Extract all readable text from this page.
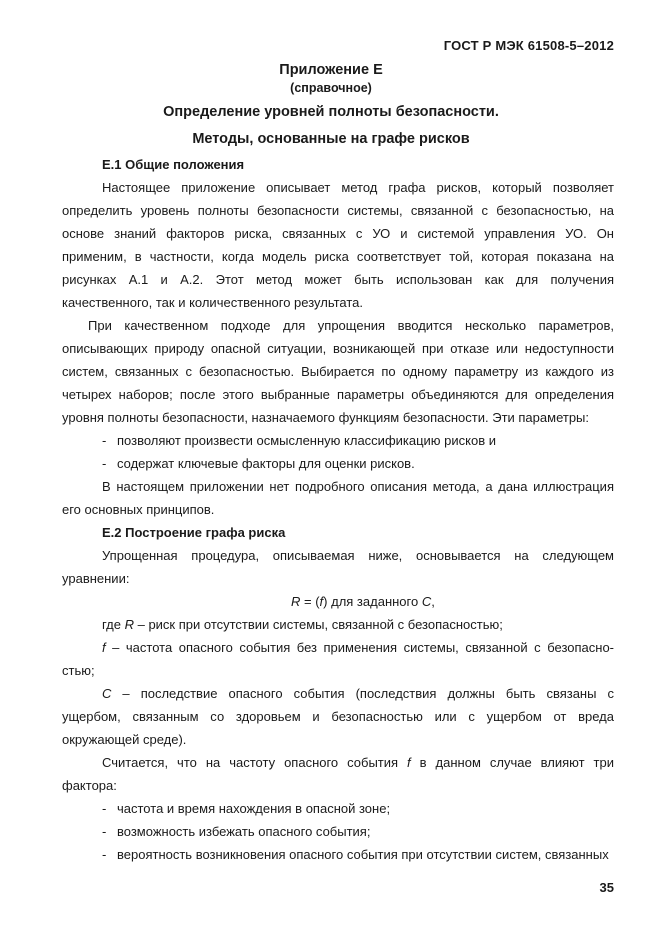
ГОСТ Р МЭК 61508-5–2012
Приложение Е
(справочное)
Определение уровней полноты безопасности.
Методы, основанные на графе рисков

Е.1 Общие положения

Настоящее приложение описывает метод графа рисков, который позволяет

определить уровень полноты безопасности системы, связанной с безопасностью, на

основе знаний факторов риска, связанных с УО и системой управления УО. Он

применим, в частности, когда модель риска соответствует той, которая показана на

рисунках А.1 и А.2. Этот метод может быть использован как для получения

качественного, так и количественного результата.

При качественном подходе для упрощения вводится несколько параметров,

описывающих природу опасной ситуации, возникающей при отказе или недоступности

систем, связанных с безопасностью. Выбирается по одному параметру из каждого из

четырех наборов; после этого выбранные параметры объединяются для определения

уровня полноты безопасности, назначаемого функциям безопасности. Эти параметры:

- позволяют произвести осмысленную классификацию рисков и
- содержат ключевые факторы для оценки рисков.

В настоящем приложении нет подробного описания метода, а дана иллюстрация

его основных принципов.

Е.2 Построение графа риска

Упрощенная процедура, описываемая ниже, основывается на следующем

уравнении:

R = (f) для заданного C,

где R – риск при отсутствии системы, связанной с безопасностью;

f – частота опасного события без применения системы, связанной с безопасно-

стью;

C – последствие опасного события (последствия должны быть связаны с

ущербом, связанным со здоровьем и безопасностью или с ущербом от вреда

окружающей среде).

Считается, что на частоту опасного события f в данном случае влияют три

фактора:

- частота и время нахождения в опасной зоне;
- возможность избежать опасного события;
- вероятность возникновения опасного события при отсутствии систем, связанных
35
